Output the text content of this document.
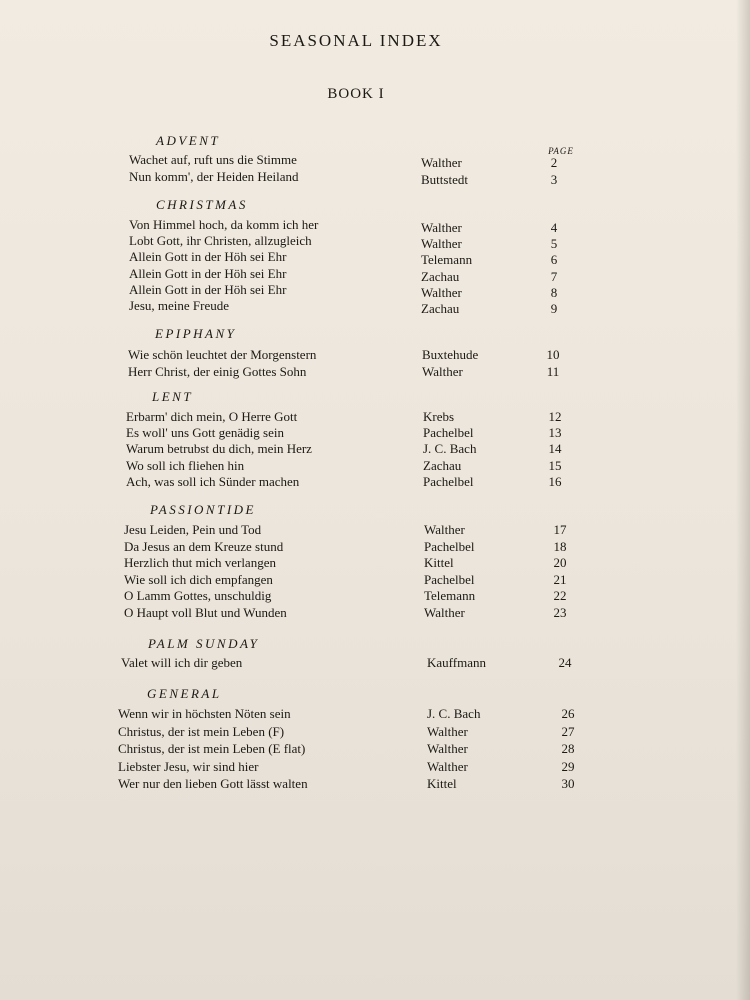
SEASONAL INDEX
BOOK I
PAGE
ADVENT
Wachet auf, ruft uns die Stimme	Walther	2
Nun komm', der Heiden Heiland	Buttstedt	3
CHRISTMAS
Von Himmel hoch, da komm ich her	Walther	4
Lobt Gott, ihr Christen, allzugleich	Walther	5
Allein Gott in der Höh sei Ehr	Telemann	6
Allein Gott in der Höh sei Ehr	Zachau	7
Allein Gott in der Höh sei Ehr	Walther	8
Jesu, meine Freude	Zachau	9
EPIPHANY
Wie schön leuchtet der Morgenstern	Buxtehude	10
Herr Christ, der einig Gottes Sohn	Walther	11
LENT
Erbarm' dich mein, O Herre Gott	Krebs	12
Es woll' uns Gott genädig sein	Pachelbel	13
Warum betrubst du dich, mein Herz	J. C. Bach	14
Wo soll ich fliehen hin	Zachau	15
Ach, was soll ich Sünder machen	Pachelbel	16
PASSIONTIDE
Jesu Leiden, Pein und Tod	Walther	17
Da Jesus an dem Kreuze stund	Pachelbel	18
Herzlich thut mich verlangen	Kittel	20
Wie soll ich dich empfangen	Pachelbel	21
O Lamm Gottes, unschuldig	Telemann	22
O Haupt voll Blut und Wunden	Walther	23
PALM SUNDAY
Valet will ich dir geben	Kauffmann	24
GENERAL
Wenn wir in höchsten Nöten sein	J. C. Bach	26
Christus, der ist mein Leben (F)	Walther	27
Christus, der ist mein Leben (E flat)	Walther	28
Liebster Jesu, wir sind hier	Walther	29
Wer nur den lieben Gott lässt walten	Kittel	30
